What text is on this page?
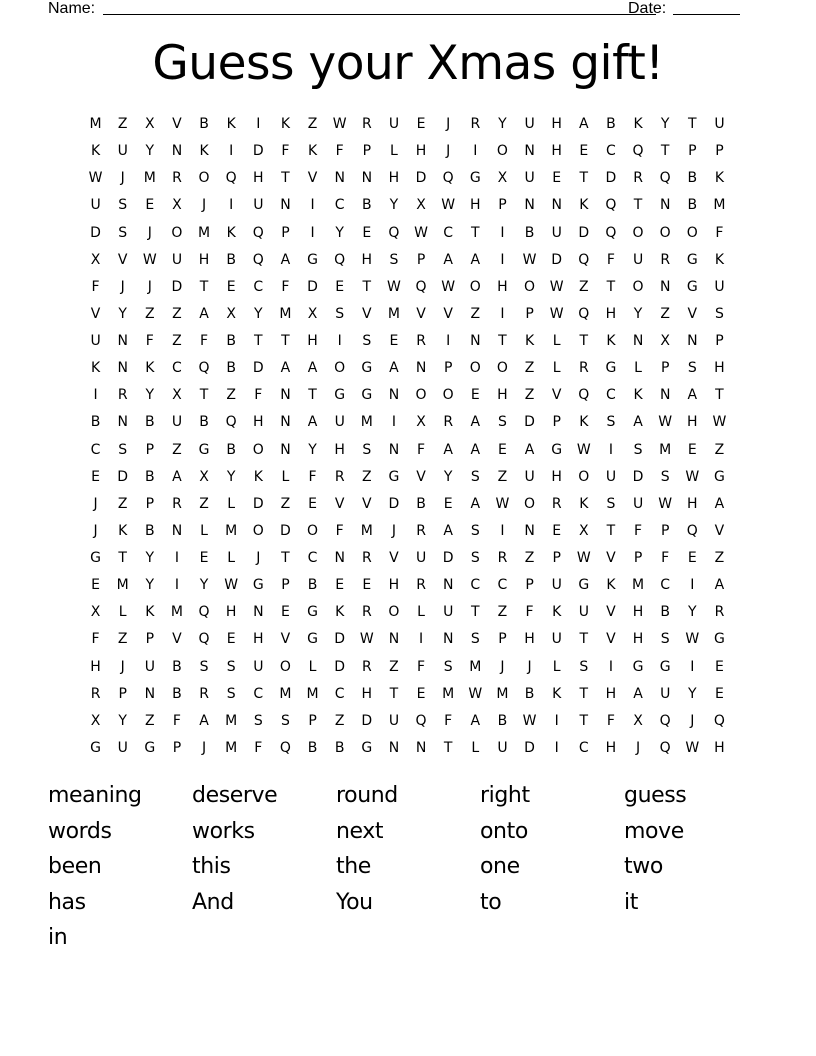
Name:	Date:
Guess your Xmas gift!
M	Z	X	V	B	K	I	K	Z	W	R	U	E	J	R	Y	U	H	A	B	K	Y	T	U
K	U	Y	N	K	I	D	F	K	F	P	L	H	J	I	O	N	H	E	C	Q	T	P	P
W	J	M	R	O	Q	H	T	V	N	N	H	D	Q	G	X	U	E	T	D	R	Q	B	K
U	S	E	X	J	I	U	N	I	C	B	Y	X	W	H	P	N	N	K	Q	T	N	B	M
D	S	J	O	M	K	Q	P	I	Y	E	Q	W	C	T	I	B	U	D	Q	O	O	O	F
X	V	W	U	H	B	Q	A	G	Q	H	S	P	A	A	I	W	D	Q	F	U	R	G	K
F	J	J	D	T	E	C	F	D	E	T	W	Q	W	O	H	O	W	Z	T	O	N	G	U
V	Y	Z	Z	A	X	Y	M	X	S	V	M	V	V	Z	I	P	W	Q	H	Y	Z	V	S
U	N	F	Z	F	B	T	T	H	I	S	E	R	I	N	T	K	L	T	K	N	X	N	P
K	N	K	C	Q	B	D	A	A	O	G	A	N	P	O	O	Z	L	R	G	L	P	S	H
I	R	Y	X	T	Z	F	N	T	G	G	N	O	O	E	H	Z	V	Q	C	K	N	A	T
B	N	B	U	B	Q	H	N	A	U	M	I	X	R	A	S	D	P	K	S	A	W	H	W
C	S	P	Z	G	B	O	N	Y	H	S	N	F	A	A	E	A	G	W	I	S	M	E	Z
E	D	B	A	X	Y	K	L	F	R	Z	G	V	Y	S	Z	U	H	O	U	D	S	W	G
J	Z	P	R	Z	L	D	Z	E	V	V	D	B	E	A	W	O	R	K	S	U	W	H	A
J	K	B	N	L	M	O	D	O	F	M	J	R	A	S	I	N	E	X	T	F	P	Q	V
G	T	Y	I	E	L	J	T	C	N	R	V	U	D	S	R	Z	P	W	V	P	F	E	Z
E	M	Y	I	Y	W	G	P	B	E	E	H	R	N	C	C	P	U	G	K	M	C	I	A
X	L	K	M	Q	H	N	E	G	K	R	O	L	U	T	Z	F	K	U	V	H	B	Y	R
F	Z	P	V	Q	E	H	V	G	D	W	N	I	N	S	P	H	U	T	V	H	S	W	G
H	J	U	B	S	S	U	O	L	D	R	Z	F	S	M	J	J	L	S	I	G	G	I	E
R	P	N	B	R	S	C	M	M	C	H	T	E	M	W	M	B	K	T	H	A	U	Y	E
X	Y	Z	F	A	M	S	S	P	Z	D	U	Q	F	A	B	W	I	T	F	X	Q	J	Q
G	U	G	P	J	M	F	Q	B	B	G	N	N	T	L	U	D	I	C	H	J	Q	W	H
meaning	deserve	round	right	guess
words	works	next	onto	move
been	this	the	one	two
has	And	You	to	it
in
